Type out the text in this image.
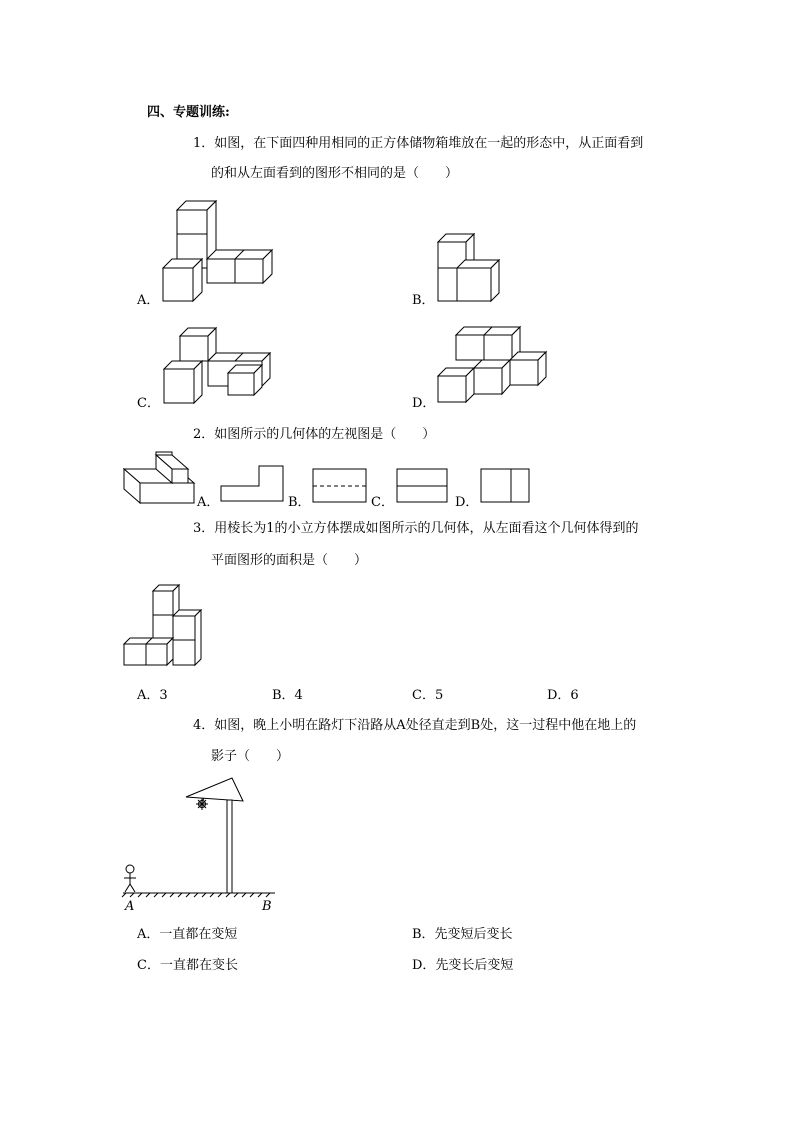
四、专题训练:
1．如图，在下面四种用相同的正方体储物箱堆放在一起的形态中，从正面看到
的和从左面看到的图形不相同的是（　　）
A．	B．
C．	D．
2．如图所示的几何体的左视图是（　　）
A．	B．	C．	D．
3．用棱长为1的小立方体摆成如图所示的几何体，从左面看这个几何体得到的
平面图形的面积是（　　）
A．3	B．4	C．5	D．6
4．如图，晚上小明在路灯下沿路从A处径直走到B处，这一过程中他在地上的
影子（　　）
A	B
A．一直都在变短	B．先变短后变长
C．一直都在变长	D．先变长后变短
